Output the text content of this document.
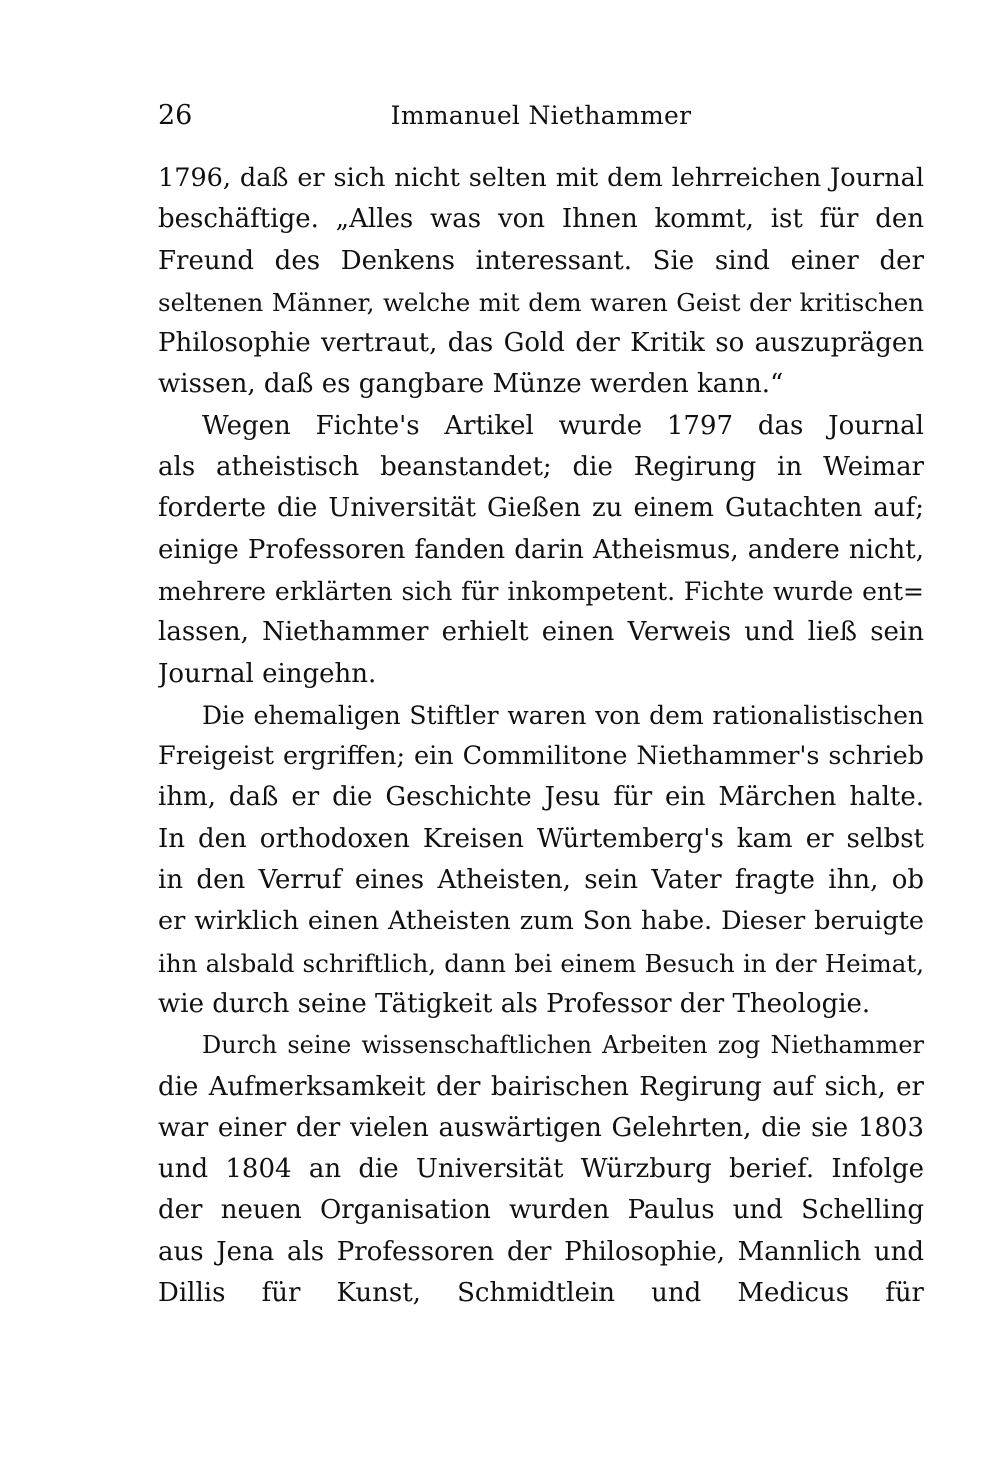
26	Immanuel Niethammer
1796, daß er sich nicht selten mit dem lehrreichen Journal
beschäftige. „Alles was von Ihnen kommt, ist für den
Freund des Denkens interessant. Sie sind einer der
seltenen Männer, welche mit dem waren Geist der kritischen
Philosophie vertraut, das Gold der Kritik so auszuprägen
wissen, daß es gangbare Münze werden kann.“
Wegen Fichte's Artikel wurde 1797 das Journal
als atheistisch beanstandet; die Regirung in Weimar
forderte die Universität Gießen zu einem Gutachten auf;
einige Professoren fanden darin Atheismus, andere nicht,
mehrere erklärten sich für inkompetent. Fichte wurde ent=
lassen, Niethammer erhielt einen Verweis und ließ sein
Journal eingehn.
Die ehemaligen Stiftler waren von dem rationalistischen
Freigeist ergriffen; ein Commilitone Niethammer's schrieb
ihm, daß er die Geschichte Jesu für ein Märchen halte.
In den orthodoxen Kreisen Würtemberg's kam er selbst
in den Verruf eines Atheisten, sein Vater fragte ihn, ob
er wirklich einen Atheisten zum Son habe. Dieser beruigte
ihn alsbald schriftlich, dann bei einem Besuch in der Heimat,
wie durch seine Tätigkeit als Professor der Theologie.
Durch seine wissenschaftlichen Arbeiten zog Niethammer
die Aufmerksamkeit der bairischen Regirung auf sich, er
war einer der vielen auswärtigen Gelehrten, die sie 1803
und 1804 an die Universität Würzburg berief. Infolge
der neuen Organisation wurden Paulus und Schelling
aus Jena als Professoren der Philosophie, Mannlich und
Dillis für Kunst, Schmidtlein und Medicus für
